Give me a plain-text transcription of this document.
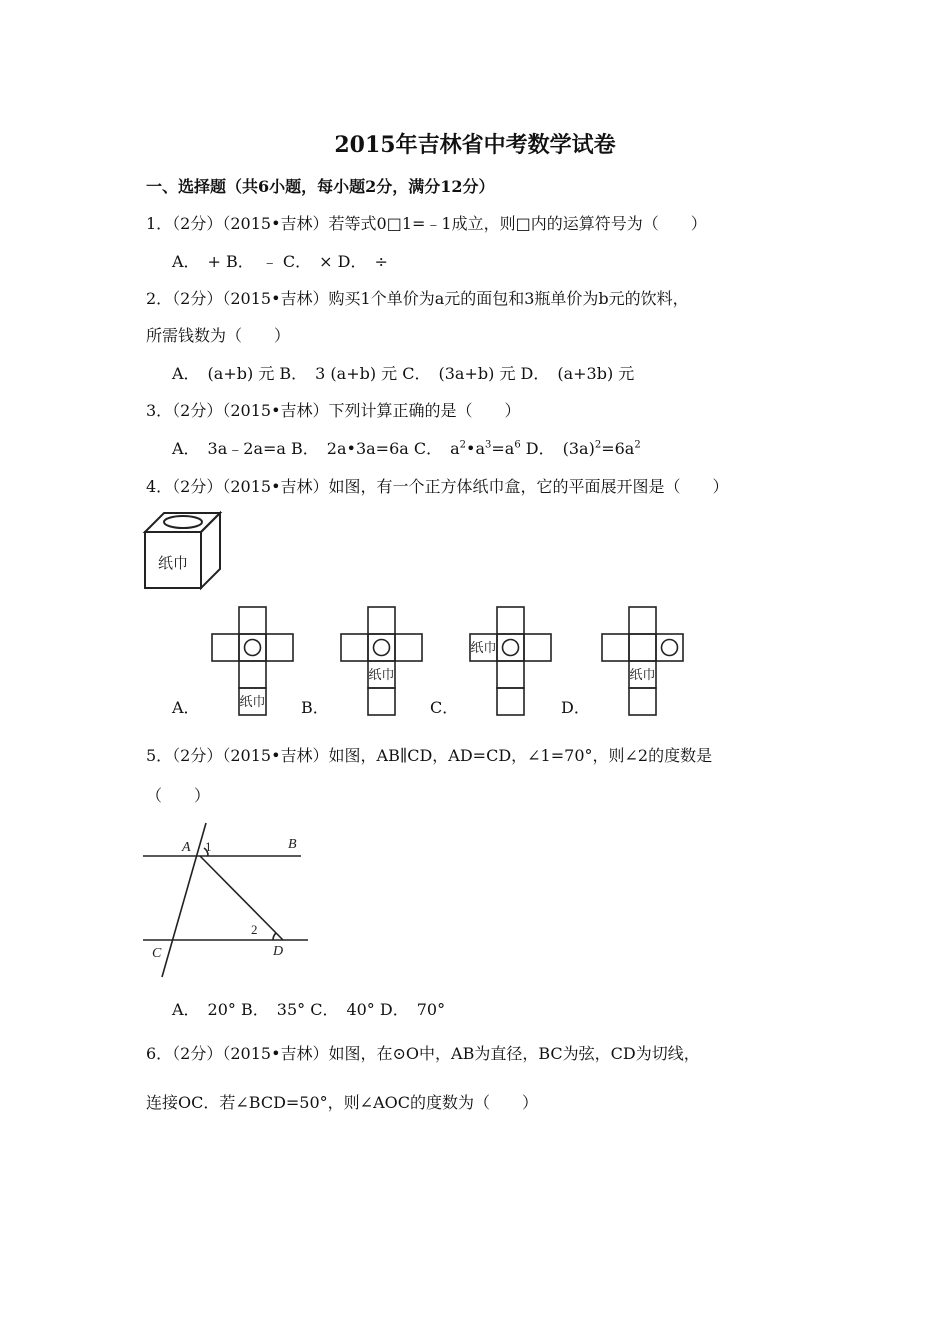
2015年吉林省中考数学试卷
一、选择题（共6小题，每小题2分，满分12分）
1．（2分）（2015•吉林）若等式0□1=﹣1成立，则□内的运算符号为（　　）
A．　+ B．　﹣ C．　× D．　÷
2．（2分）（2015•吉林）购买1个单价为a元的面包和3瓶单价为b元的饮料，
所需钱数为（　　）
A．　(a+b) 元 B．　3 (a+b) 元 C．　(3a+b) 元 D．　(a+3b) 元
3．（2分）（2015•吉林）下列计算正确的是（　　）
A．　3a﹣2a=a B．　2a•3a=6a C．　$a^2•a^3=a^6$ D．　$(3a)^2=6a^2$
4．（2分）（2015•吉林）如图，有一个正方体纸巾盒，它的平面展开图是（　　）
纸巾
纸巾
纸巾
纸巾
纸巾
A．	B．	C．	D．
5．（2分）（2015•吉林）如图，AB∥CD，AD=CD，∠1=70°，则∠2的度数是
（　　）
A 1	B
2
D
C
A．　20° B．　35° C．　40° D．　70°
6．（2分）（2015•吉林）如图，在⊙O中，AB为直径，BC为弦，CD为切线，
连接OC．若∠BCD=50°，则∠AOC的度数为（　　）
